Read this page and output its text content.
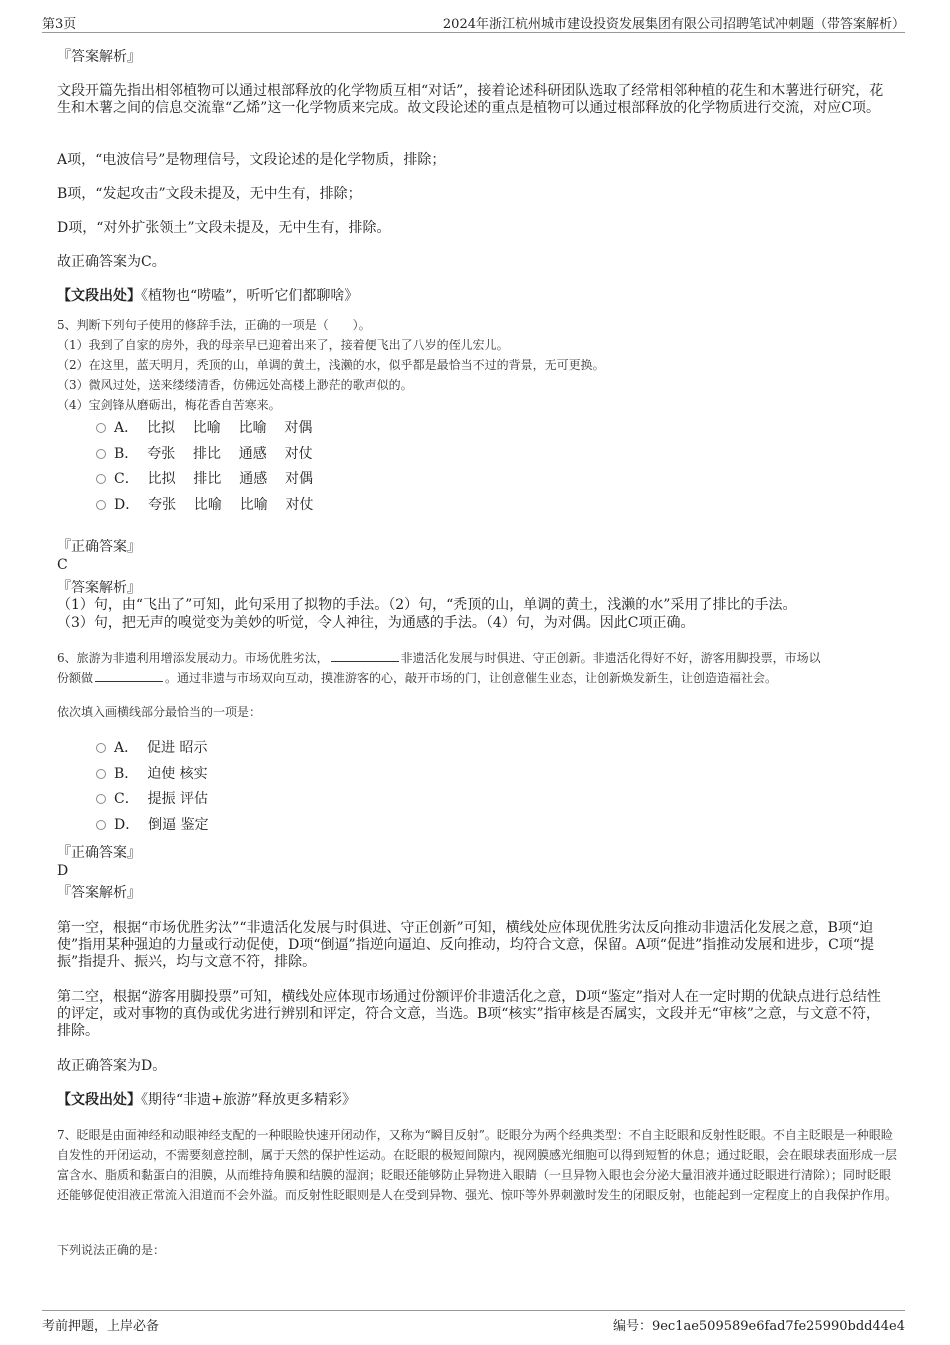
第3页	2024年浙江杭州城市建设投资发展集团有限公司招聘笔试冲刺题（带答案解析）

『答案解析』

文段开篇先指出相邻植物可以通过根部释放的化学物质互相“对话”，接着论述科研团队选取了经常相邻种植的花生和木薯进行研究，花生和木薯之间的信息交流靠“乙烯”这一化学物质来完成。故文段论述的重点是植物可以通过根部释放的化学物质进行交流，对应C项。

A项，“电波信号”是物理信号，文段论述的是化学物质，排除；

B项，“发起攻击”文段未提及，无中生有，排除；

D项，“对外扩张领土”文段未提及，无中生有，排除。

故正确答案为C。

【文段出处】《植物也“唠嗑”，听听它们都聊啥》

5、判断下列句子使用的修辞手法，正确的一项是（　　）。

（1）我到了自家的房外，我的母亲早已迎着出来了，接着便飞出了八岁的侄儿宏儿。

（2）在这里，蓝天明月，秃顶的山，单调的黄土，浅濑的水，似乎都是最恰当不过的背景，无可更换。

（3）微风过处，送来缕缕清香，仿佛远处高楼上渺茫的歌声似的。

（4）宝剑锋从磨砺出，梅花香自苦寒来。

A．  比拟    比喻    比喻    对偶
B．  夸张    排比    通感    对仗
C．  比拟    排比    通感    对偶
D．  夸张    比喻    比喻    对仗

『正确答案』

C

『答案解析』

（1）句，由“飞出了”可知，此句采用了拟物的手法。（2）句，“秃顶的山，单调的黄土，浅濑的水”采用了排比的手法。

（3）句，把无声的嗅觉变为美妙的听觉，令人神往，为通感的手法。（4）句，为对偶。因此C项正确。

6、旅游为非遗利用增添发展动力。市场优胜劣汰，	非遗活化发展与时俱进、守正创新。非遗活化得好不好，游客用脚投票，市场以
份额做	。通过非遗与市场双向互动，摸准游客的心，敲开市场的门，让创意催生业态，让创新焕发新生，让创造造福社会。

依次填入画横线部分最恰当的一项是：

A．  促进 昭示
B．  迫使 核实
C．  提振 评估
D．  倒逼 鉴定

『正确答案』

D

『答案解析』

第一空，根据“市场优胜劣汰”“非遗活化发展与时俱进、守正创新”可知，横线处应体现优胜劣汰反向推动非遗活化发展之意，B项“迫使”指用某种强迫的力量或行动促使，D项“倒逼”指逆向逼迫、反向推动，均符合文意，保留。A项“促进”指推动发展和进步，C项“提振”指提升、振兴，均与文意不符，排除。

第二空，根据“游客用脚投票”可知，横线处应体现市场通过份额评价非遗活化之意，D项“鉴定”指对人在一定时期的优缺点进行总结性的评定，或对事物的真伪或优劣进行辨别和评定，符合文意，当选。B项“核实”指审核是否属实，文段并无“审核”之意，与文意不符，排除。

故正确答案为D。

【文段出处】《期待“非遗+旅游”释放更多精彩》

7、眨眼是由面神经和动眼神经支配的一种眼睑快速开闭动作，又称为“瞬目反射”。眨眼分为两个经典类型：不自主眨眼和反射性眨眼。不自主眨眼是一种眼睑自发性的开闭运动，不需要刻意控制，属于天然的保护性运动。在眨眼的极短间隙内，视网膜感光细胞可以得到短暂的休息；通过眨眼，会在眼球表面形成一层富含水、脂质和黏蛋白的泪膜，从而维持角膜和结膜的湿润；眨眼还能够防止异物进入眼睛（一旦异物入眼也会分泌大量泪液并通过眨眼进行清除）；同时眨眼还能够促使泪液正常流入泪道而不会外溢。而反射性眨眼则是人在受到异物、强光、惊吓等外界刺激时发生的闭眼反射，也能起到一定程度上的自我保护作用。

下列说法正确的是：

考前押题，上岸必备	编号：9ec1ae509589e6fad7fe25990bdd44e4
